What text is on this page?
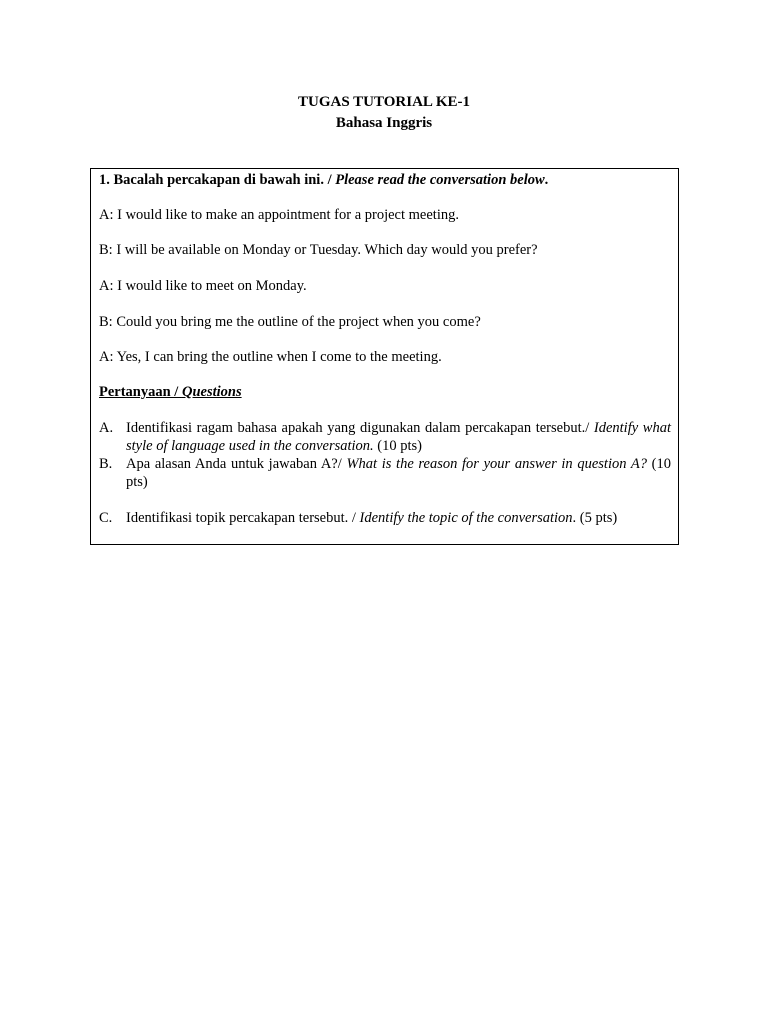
TUGAS TUTORIAL KE-1
Bahasa Inggris
1. Bacalah percakapan di bawah ini. / Please read the conversation below.
A: I would like to make an appointment for a project meeting.
B: I will be available on Monday or Tuesday. Which day would you prefer?
A: I would like to meet on Monday.
B: Could you bring me the outline of the project when you come?
A: Yes, I can bring the outline when I come to the meeting.
Pertanyaan / Questions
A. Identifikasi ragam bahasa apakah yang digunakan dalam percakapan tersebut./ Identify what style of language used in the conversation. (10 pts)
B. Apa alasan Anda untuk jawaban A?/ What is the reason for your answer in question A? (10 pts)
C. Identifikasi topik percakapan tersebut. / Identify the topic of the conversation. (5 pts)
